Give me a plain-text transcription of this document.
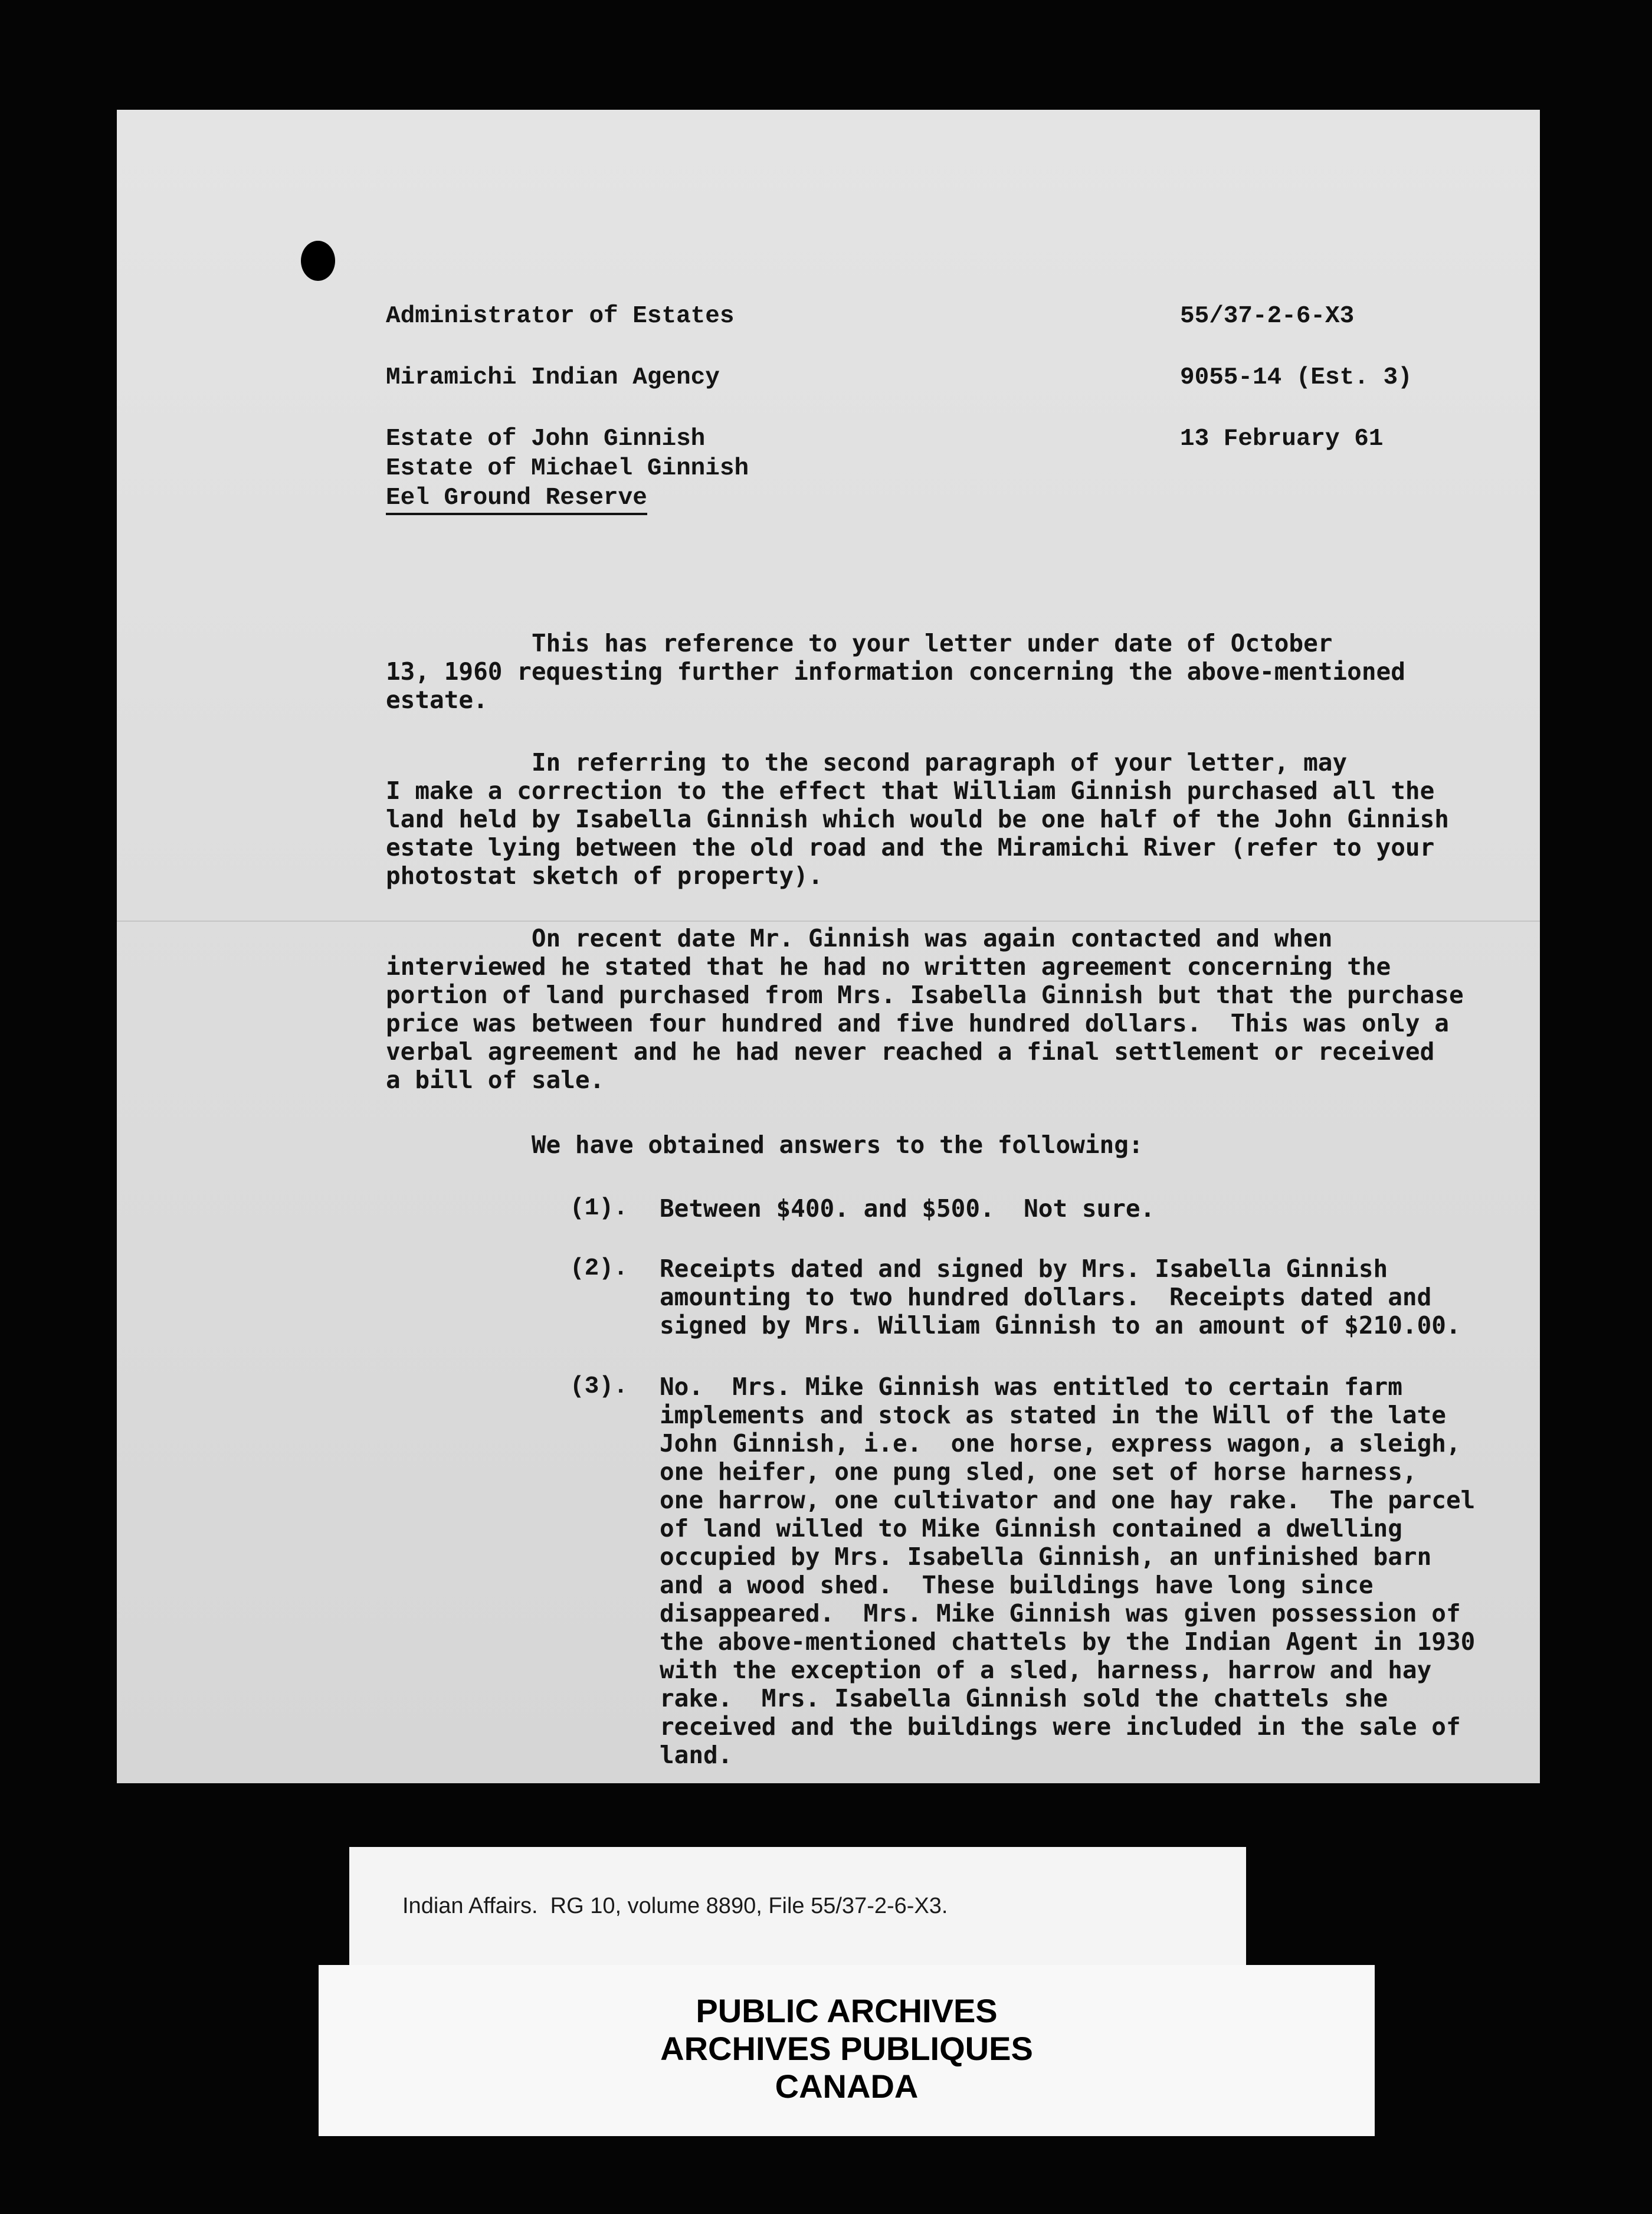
Administrator of Estates
Miramichi Indian Agency
Estate of John Ginnish
Estate of Michael Ginnish
Eel Ground Reserve
55/37-2-6-X3
9055-14 (Est. 3)
13 February 61
This has reference to your letter under date of October
13, 1960 requesting further information concerning the above-mentioned
estate.
In referring to the second paragraph of your letter, may
I make a correction to the effect that William Ginnish purchased all the
land held by Isabella Ginnish which would be one half of the John Ginnish
estate lying between the old road and the Miramichi River (refer to your
photostat sketch of property).
On recent date Mr. Ginnish was again contacted and when
interviewed he stated that he had no written agreement concerning the
portion of land purchased from Mrs. Isabella Ginnish but that the purchase
price was between four hundred and five hundred dollars.  This was only a
verbal agreement and he had never reached a final settlement or received
a bill of sale.
We have obtained answers to the following:
(1). Between $400. and $500.  Not sure.
(2). Receipts dated and signed by Mrs. Isabella Ginnish
amounting to two hundred dollars.  Receipts dated and
signed by Mrs. William Ginnish to an amount of $210.00.
(3). No.  Mrs. Mike Ginnish was entitled to certain farm
implements and stock as stated in the Will of the late
John Ginnish, i.e.  one horse, express wagon, a sleigh,
one heifer, one pung sled, one set of horse harness,
one harrow, one cultivator and one hay rake.  The parcel
of land willed to Mike Ginnish contained a dwelling
occupied by Mrs. Isabella Ginnish, an unfinished barn
and a wood shed.  These buildings have long since
disappeared.  Mrs. Mike Ginnish was given possession of
the above-mentioned chattels by the Indian Agent in 1930
with the exception of a sled, harness, harrow and hay
rake.  Mrs. Isabella Ginnish sold the chattels she
received and the buildings were included in the sale of
land.
Indian Affairs.  RG 10, volume 8890, File 55/37-2-6-X3.
PUBLIC ARCHIVES
ARCHIVES PUBLIQUES
CANADA
